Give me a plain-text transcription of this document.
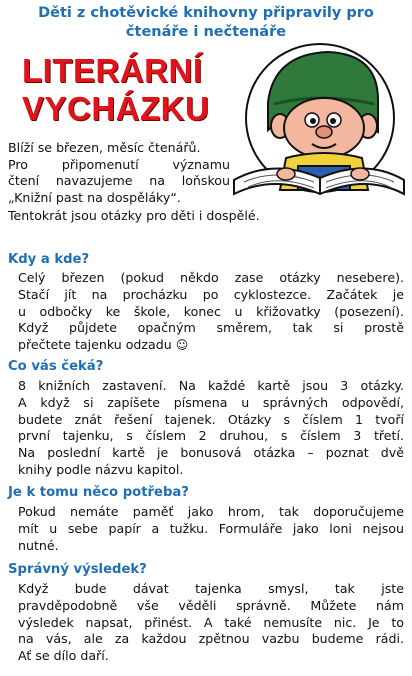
Děti z chotěvické knihovny připravily pro
čtenáře i nečtenáře
LITERÁRNÍ
VYCHÁZKU
Blíží se březen, měsíc čtenářů.
Pro připomenutí významu
čtení navazujeme na loňskou
„Knižní past na dospěláky“.
Tentokrát jsou otázky pro děti i dospělé.
Kdy a kde?
Celý březen (pokud někdo zase otázky nesebere).
Stačí jít na procházku po cyklostezce. Začátek je
u odbočky ke škole, konec u křižovatky (posezení).
Když půjdete opačným směrem, tak si prostě
přečtete tajenku odzadu ☺
Co vás čeká?
8 knižních zastavení. Na každé kartě jsou 3 otázky.
A když si zapíšete písmena u správných odpovědí,
budete znát řešení tajenek. Otázky s číslem 1 tvoří
první tajenku, s číslem 2 druhou, s číslem 3 třetí.
Na poslední kartě je bonusová otázka – poznat dvě
knihy podle názvu kapitol.
Je k tomu něco potřeba?
Pokud nemáte paměť jako hrom, tak doporučujeme
mít u sebe papír a tužku. Formuláře jako loni nejsou
nutné.
Správný výsledek?
Když bude dávat tajenka smysl, tak jste
pravděpodobně vše věděli správně. Můžete nám
výsledek napsat, přinést. A také nemusíte nic. Je to
na vás, ale za každou zpětnou vazbu budeme rádi.
Ať se dílo daří.
